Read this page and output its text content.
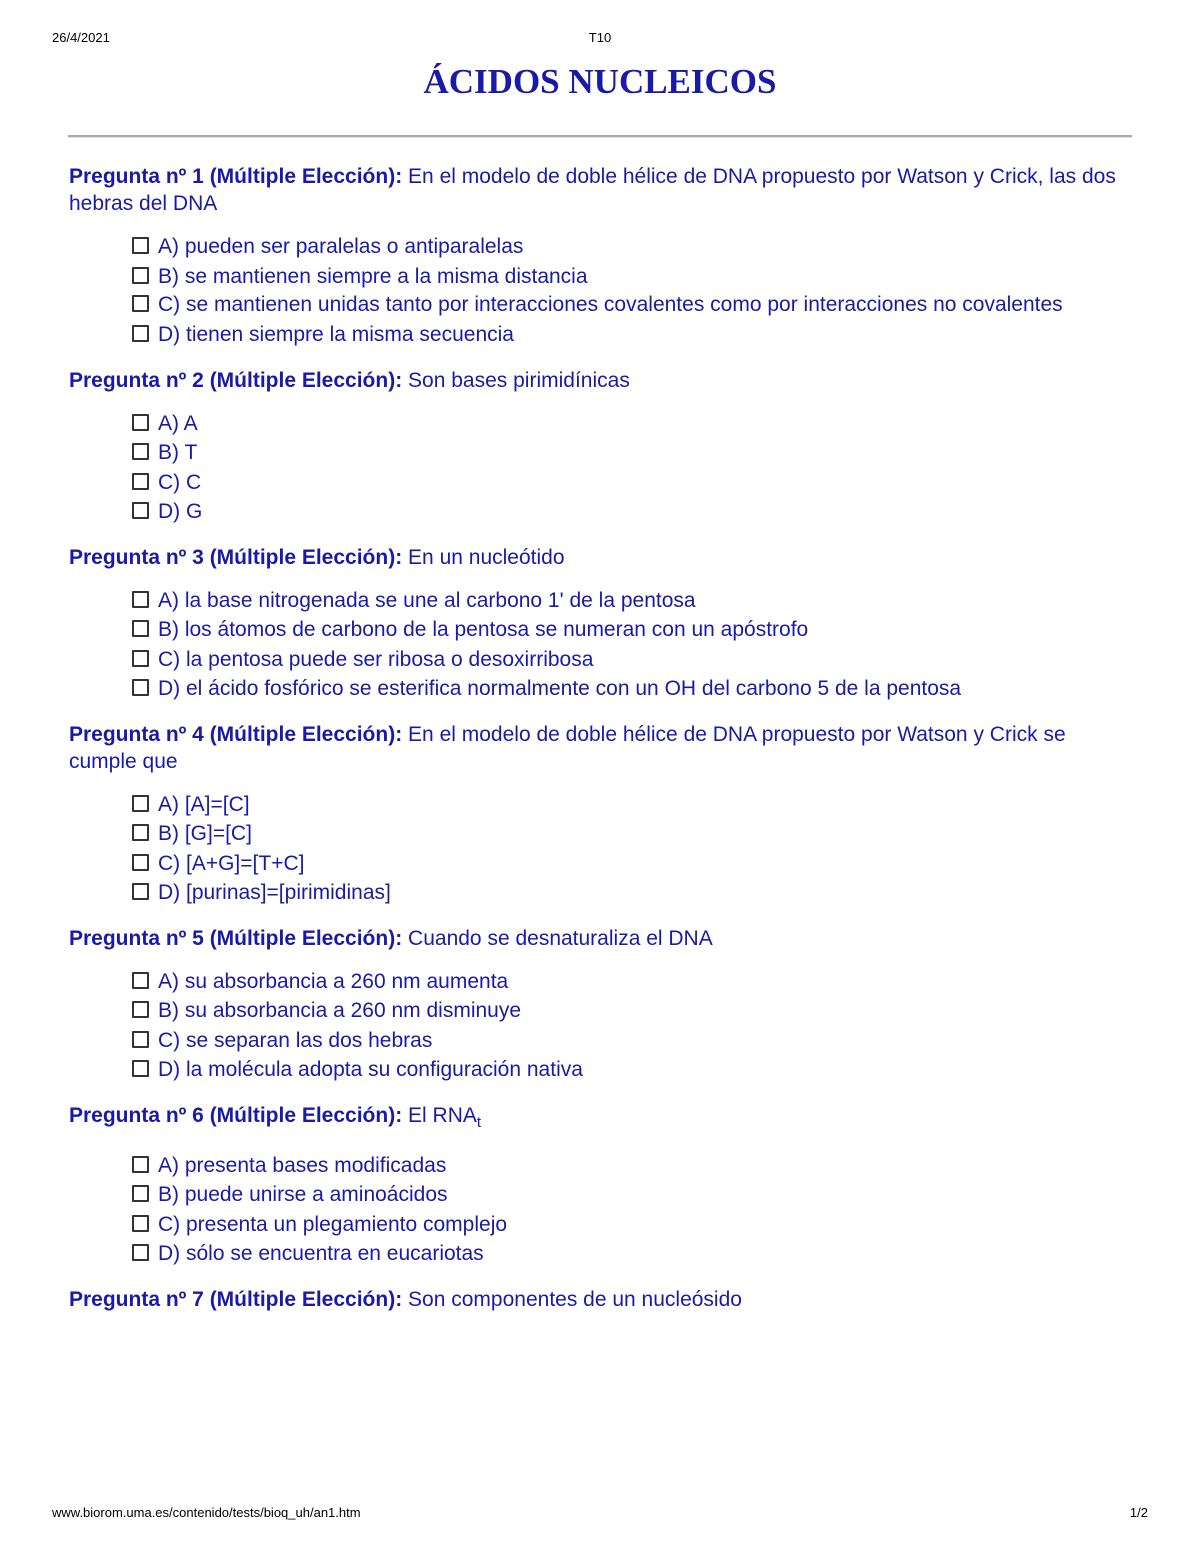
26/4/2021	T10
ÁCIDOS NUCLEICOS

Pregunta nº 1 (Múltiple Elección): En el modelo de doble hélice de DNA propuesto por Watson y Crick, las dos hebras del DNA

A) pueden ser paralelas o antiparalelas
B) se mantienen siempre a la misma distancia
C) se mantienen unidas tanto por interacciones covalentes como por interacciones no covalentes
D) tienen siempre la misma secuencia

Pregunta nº 2 (Múltiple Elección): Son bases pirimidínicas

A) A
B) T
C) C
D) G

Pregunta nº 3 (Múltiple Elección): En un nucleótido

A) la base nitrogenada se une al carbono 1' de la pentosa
B) los átomos de carbono de la pentosa se numeran con un apóstrofo
C) la pentosa puede ser ribosa o desoxirribosa
D) el ácido fosfórico se esterifica normalmente con un OH del carbono 5 de la pentosa

Pregunta nº 4 (Múltiple Elección): En el modelo de doble hélice de DNA propuesto por Watson y Crick se cumple que

A) [A]=[C]
B) [G]=[C]
C) [A+G]=[T+C]
D) [purinas]=[pirimidinas]

Pregunta nº 5 (Múltiple Elección): Cuando se desnaturaliza el DNA

A) su absorbancia a 260 nm aumenta
B) su absorbancia a 260 nm disminuye
C) se separan las dos hebras
D) la molécula adopta su configuración nativa

Pregunta nº 6 (Múltiple Elección): El $RNA_t$

A) presenta bases modificadas
B) puede unirse a aminoácidos
C) presenta un plegamiento complejo
D) sólo se encuentra en eucariotas

Pregunta nº 7 (Múltiple Elección): Son componentes de un nucleósido

www.biorom.uma.es/contenido/tests/bioq_uh/an1.htm	1/2
